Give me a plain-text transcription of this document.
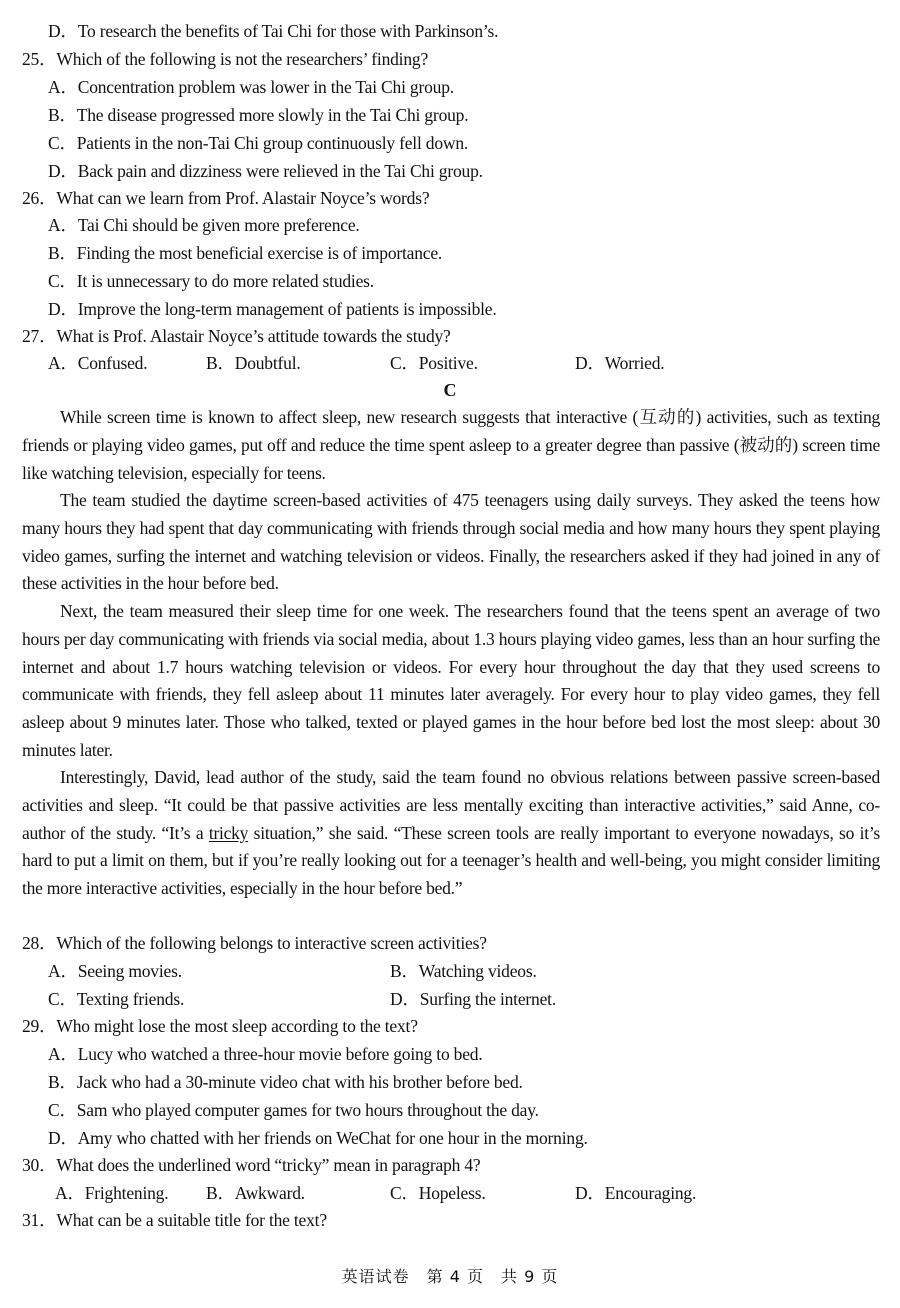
D．To research the benefits of Tai Chi for those with Parkinson’s.
25．Which of the following is not the researchers’ finding?
A．Concentration problem was lower in the Tai Chi group.
B．The disease progressed more slowly in the Tai Chi group.
C．Patients in the non-Tai Chi group continuously fell down.
D．Back pain and dizziness were relieved in the Tai Chi group.
26．What can we learn from Prof. Alastair Noyce’s words?
A．Tai Chi should be given more preference.
B．Finding the most beneficial exercise is of importance.
C．It is unnecessary to do more related studies.
D．Improve the long-term management of patients is impossible.
27．What is Prof. Alastair Noyce’s attitude towards the study?
A．Confused.	B．Doubtful.	C．Positive.	D．Worried.
C
While screen time is known to affect sleep, new research suggests that interactive (互动的) activities, such as texting friends or playing video games, put off and reduce the time spent asleep to a greater degree than passive (被动的) screen time like watching television, especially for teens.
The team studied the daytime screen-based activities of 475 teenagers using daily surveys. They asked the teens how many hours they had spent that day communicating with friends through social media and how many hours they spent playing video games, surfing the internet and watching television or videos. Finally, the researchers asked if they had joined in any of these activities in the hour before bed.
Next, the team measured their sleep time for one week. The researchers found that the teens spent an average of two hours per day communicating with friends via social media, about 1.3 hours playing video games, less than an hour surfing the internet and about 1.7 hours watching television or videos. For every hour throughout the day that they used screens to communicate with friends, they fell asleep about 11 minutes later averagely. For every hour to play video games, they fell asleep about 9 minutes later. Those who talked, texted or played games in the hour before bed lost the most sleep: about 30 minutes later.
Interestingly, David, lead author of the study, said the team found no obvious relations between passive screen-based activities and sleep. “It could be that passive activities are less mentally exciting than interactive activities,” said Anne, co-author of the study. “It’s a tricky situation,” she said. “These screen tools are really important to everyone nowadays, so it’s hard to put a limit on them, but if you’re really looking out for a teenager’s health and well-being, you might consider limiting the more interactive activities, especially in the hour before bed.”
28．Which of the following belongs to interactive screen activities?
A．Seeing movies.	B．Watching videos.
C．Texting friends.	D．Surfing the internet.
29．Who might lose the most sleep according to the text?
A．Lucy who watched a three-hour movie before going to bed.
B．Jack who had a 30-minute video chat with his brother before bed.
C．Sam who played computer games for two hours throughout the day.
D．Amy who chatted with her friends on WeChat for one hour in the morning.
30．What does the underlined word “tricky” mean in paragraph 4?
A．Frightening. B．Awkward.	C．Hopeless.	D．Encouraging.
31．What can be a suitable title for the text?
英语试卷　第 4 页　共 9 页
